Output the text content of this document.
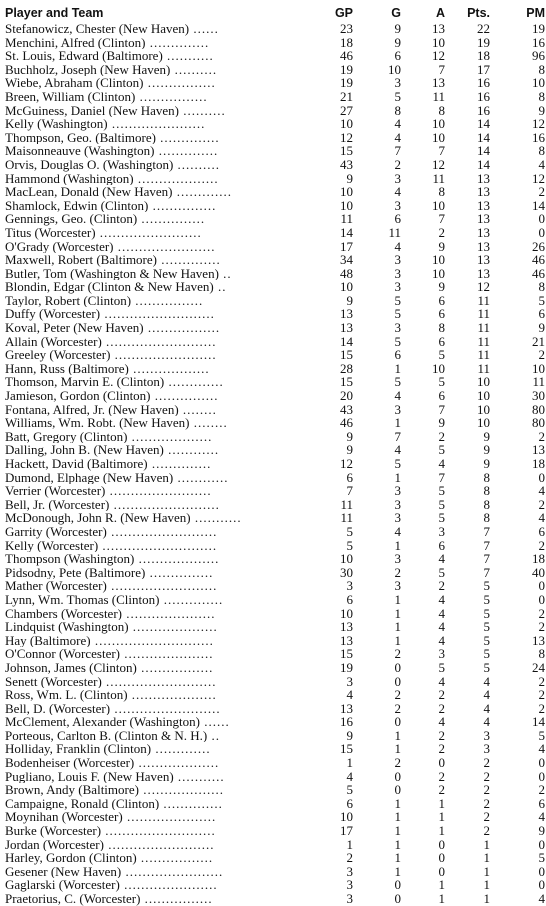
Player and Team	GP	G	A	Pts.	PM
Stefanowicz, Chester (New Haven) ......	23	9	13	22	19
Menchini, Alfred (Clinton) ..............	18	9	10	19	16
St. Louis, Edward (Baltimore) ...........	46	6	12	18	96
Buchholz, Joseph (New Haven) ..........	19	10	7	17	8
Wiebe, Abraham (Clinton) ................	19	3	13	16	10
Breen, William (Clinton) ................	21	5	11	16	8
McGuiness, Daniel (New Haven) ..........	27	8	8	16	9
Kelly (Washington) ......................	10	4	10	14	12
Thompson, Geo. (Baltimore) ..............	12	4	10	14	16
Maisonneauve (Washington) ..............	15	7	7	14	8
Orvis, Douglas O. (Washington) ..........	43	2	12	14	4
Hammond (Washington) ...................	9	3	11	13	12
MacLean, Donald (New Haven) .............	10	4	8	13	2
Shamlock, Edwin (Clinton) ...............	10	3	10	13	14
Gennings, Geo. (Clinton) ...............	11	6	7	13	0
Titus (Worcester) ........................	14	11	2	13	0
O'Grady (Worcester) .......................	17	4	9	13	26
Maxwell, Robert (Baltimore) ..............	34	3	10	13	46
Butler, Tom (Washington & New Haven) ..	48	3	10	13	46
Blondin, Edgar (Clinton & New Haven) ..	10	3	9	12	8
Taylor, Robert (Clinton) ................	9	5	6	11	5
Duffy (Worcester) ..........................	13	5	6	11	6
Koval, Peter (New Haven) .................	13	3	8	11	9
Allain (Worcester) ..........................	14	5	6	11	21
Greeley (Worcester) ........................	15	6	5	11	2
Hann, Russ (Baltimore) ..................	28	1	10	11	10
Thomson, Marvin E. (Clinton) .............	15	5	5	10	11
Jamieson, Gordon (Clinton) ...............	20	4	6	10	30
Fontana, Alfred, Jr. (New Haven) ........	43	3	7	10	80
Williams, Wm. Robt. (New Haven) ........	46	1	9	10	80
Batt, Gregory (Clinton) ...................	9	7	2	9	2
Dalling, John B. (New Haven) ............	9	4	5	9	13
Hackett, David (Baltimore) ..............	12	5	4	9	18
Dumond, Elphage (New Haven) ............	6	1	7	8	0
Verrier (Worcester) ........................	7	3	5	8	4
Bell, Jr. (Worcester) .........................	11	3	5	8	2
McDonough, John R. (New Haven) ...........	11	3	5	8	4
Garrity (Worcester) .........................	5	4	3	7	6
Kelly (Worcester) ...........................	5	1	6	7	2
Thompson (Washington) ...................	10	3	4	7	18
Pidsodny, Pete (Baltimore) ...............	30	2	5	7	40
Mather (Worcester) .........................	3	3	2	5	0
Lynn, Wm. Thomas (Clinton) ..............	6	1	4	5	0
Chambers (Worcester) .....................	10	1	4	5	2
Lindquist (Washington) ....................	13	1	4	5	2
Hay (Baltimore) ............................	13	1	4	5	13
O'Connor (Worcester) .....................	15	2	3	5	8
Johnson, James (Clinton) .................	19	0	5	5	24
Senett (Worcester) ..........................	3	0	4	4	2
Ross, Wm. L. (Clinton) ....................	4	2	2	4	2
Bell, D. (Worcester) .........................	13	2	2	4	2
McClement, Alexander (Washington) ......	16	0	4	4	14
Porteous, Carlton B. (Clinton & N. H.) ..	9	1	2	3	5
Holliday, Franklin (Clinton) .............	15	1	2	3	4
Bodenheiser (Worcester) ...................	1	2	0	2	0
Pugliano, Louis F. (New Haven) ...........	4	0	2	2	0
Brown, Andy (Baltimore) ...................	5	0	2	2	2
Campaigne, Ronald (Clinton) ..............	6	1	1	2	6
Moynihan (Worcester) .....................	10	1	1	2	4
Burke (Worcester) ..........................	17	1	1	2	9
Jordan (Worcester) .........................	1	1	0	1	0
Harley, Gordon (Clinton) .................	2	1	0	1	5
Gesener (New Haven) .......................	3	1	0	1	0
Gaglarski (Worcester) ......................	3	0	1	1	0
Praetorius, C. (Worcester) ................	3	0	1	1	4
